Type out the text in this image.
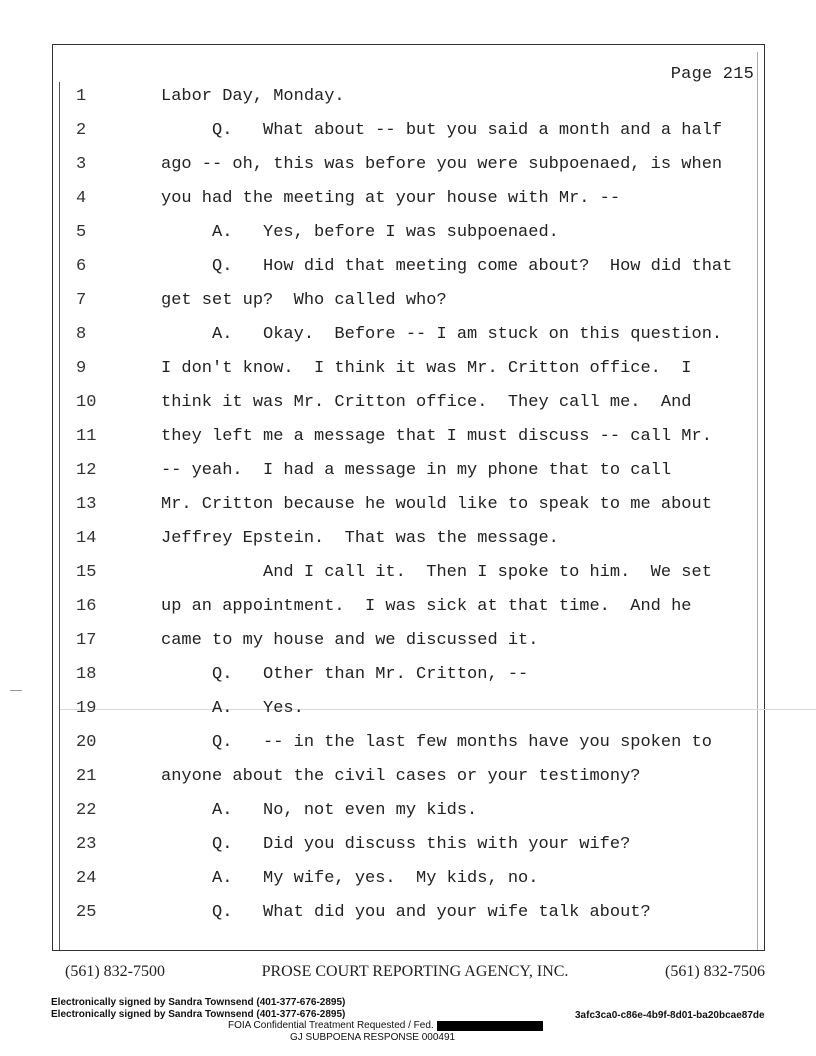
Page 215
1	Labor Day, Monday.
2	Q.   What about -- but you said a month and a half
3	ago -- oh, this was before you were subpoenaed, is when
4	you had the meeting at your house with Mr. --
5	A.   Yes, before I was subpoenaed.
6	Q.   How did that meeting come about?  How did that
7	get set up?  Who called who?
8	A.   Okay.  Before -- I am stuck on this question.
9	I don't know.  I think it was Mr. Critton office.  I
10	think it was Mr. Critton office.  They call me.  And
11	they left me a message that I must discuss -- call Mr.
12	-- yeah.  I had a message in my phone that to call
13	Mr. Critton because he would like to speak to me about
14	Jeffrey Epstein.  That was the message.
15	And I call it.  Then I spoke to him.  We set
16	up an appointment.  I was sick at that time.  And he
17	came to my house and we discussed it.
18	Q.   Other than Mr. Critton, --
19	A.   Yes.
20	Q.   -- in the last few months have you spoken to
21	anyone about the civil cases or your testimony?
22	A.   No, not even my kids.
23	Q.   Did you discuss this with your wife?
24	A.   My wife, yes.  My kids, no.
25	Q.   What did you and your wife talk about?
(561) 832-7500	PROSE COURT REPORTING AGENCY, INC.	(561) 832-7506
Electronically signed by Sandra Townsend (401-377-676-2895)
Electronically signed by Sandra Townsend (401-377-676-2895)	3afc3ca0-c86e-4b9f-8d01-ba20bcae87de
FOIA Confidential Treatment Requested / Fed.
GJ SUBPOENA RESPONSE 000491
